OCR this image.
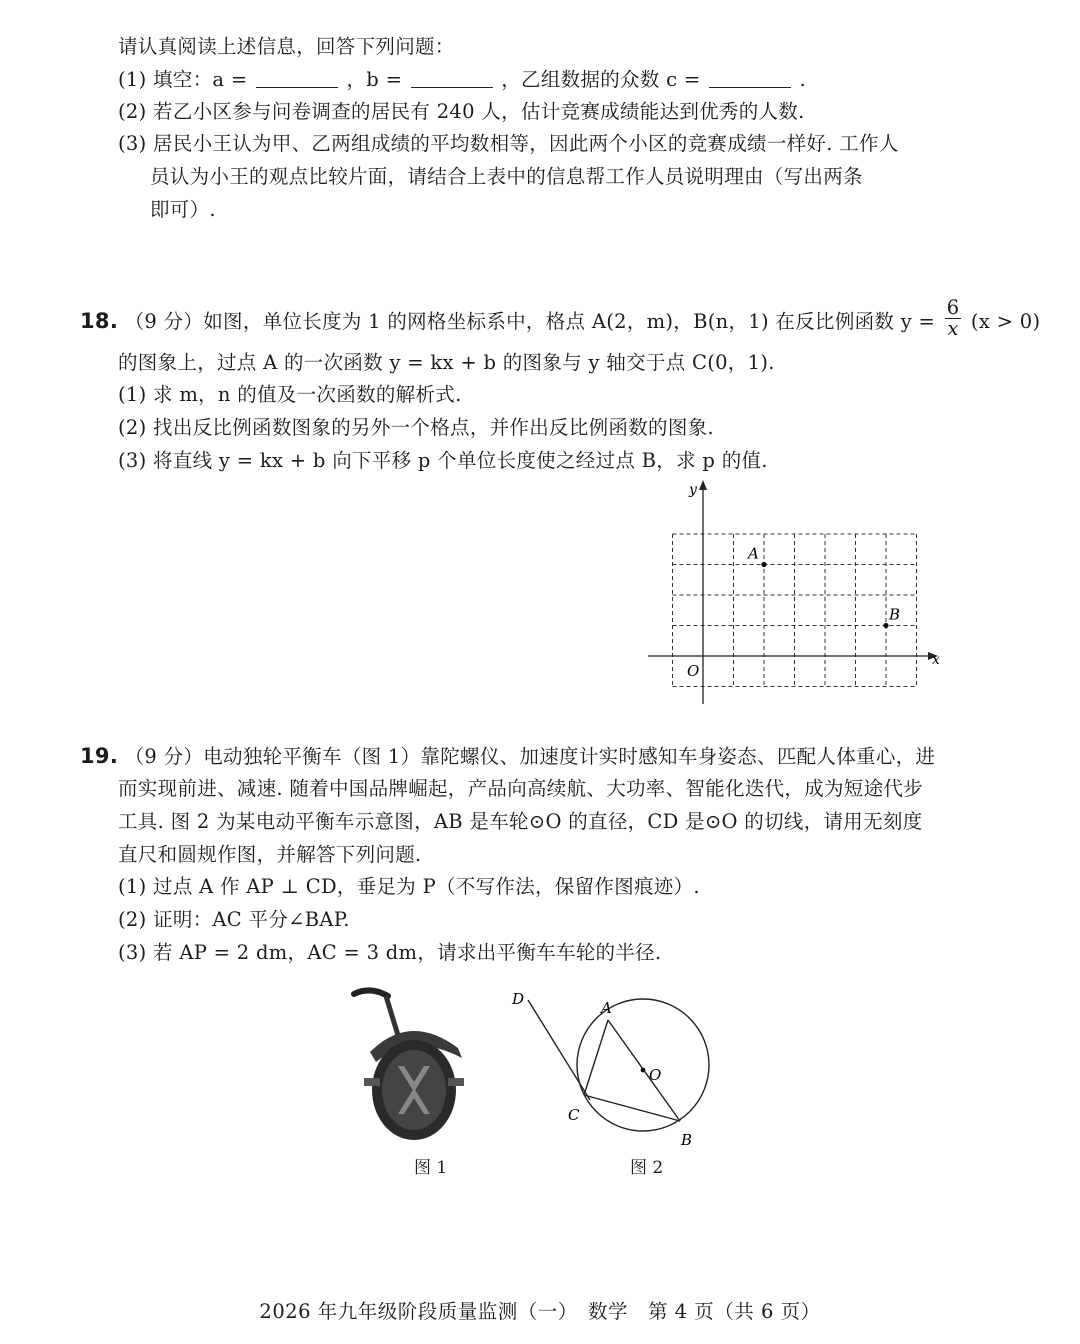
请认真阅读上述信息，回答下列问题：
(1) 填空：a =	，b =	，乙组数据的众数 c =	.
(2) 若乙小区参与问卷调查的居民有 240 人，估计竞赛成绩能达到优秀的人数.
(3) 居民小王认为甲、乙两组成绩的平均数相等，因此两个小区的竞赛成绩一样好. 工作人
员认为小王的观点比较片面，请结合上表中的信息帮工作人员说明理由（写出两条
即可）.
18. （9 分）如图，单位长度为 1 的网格坐标系中，格点 A(2，m)，B(n，1) 在反比例函数 $y = \frac{6}{x} (x > 0)$
的图象上，过点 A 的一次函数 y = kx + b 的图象与 y 轴交于点 C(0，1).
(1) 求 m，n 的值及一次函数的解析式.
(2) 找出反比例函数图象的另外一个格点，并作出反比例函数的图象.
(3) 将直线 y = kx + b 向下平移 p 个单位长度使之经过点 B，求 p 的值.
x
y
O
A
B
19. （9 分）电动独轮平衡车（图 1）靠陀螺仪、加速度计实时感知车身姿态、匹配人体重心，进
而实现前进、减速. 随着中国品牌崛起，产品向高续航、大功率、智能化迭代，成为短途代步
工具. 图 2 为某电动平衡车示意图，AB 是车轮⊙O 的直径，CD 是⊙O 的切线，请用无刻度
直尺和圆规作图，并解答下列问题.
(1) 过点 A 作 AP ⊥ CD，垂足为 P（不写作法，保留作图痕迹）.
(2) 证明：AC 平分∠BAP.
(3) 若 AP = 2 dm，AC = 3 dm，请求出平衡车车轮的半径.
图 1
D	A
O
C
B
图 2
2026 年九年级阶段质量监测（一）　数学　第 4 页（共 6 页）
